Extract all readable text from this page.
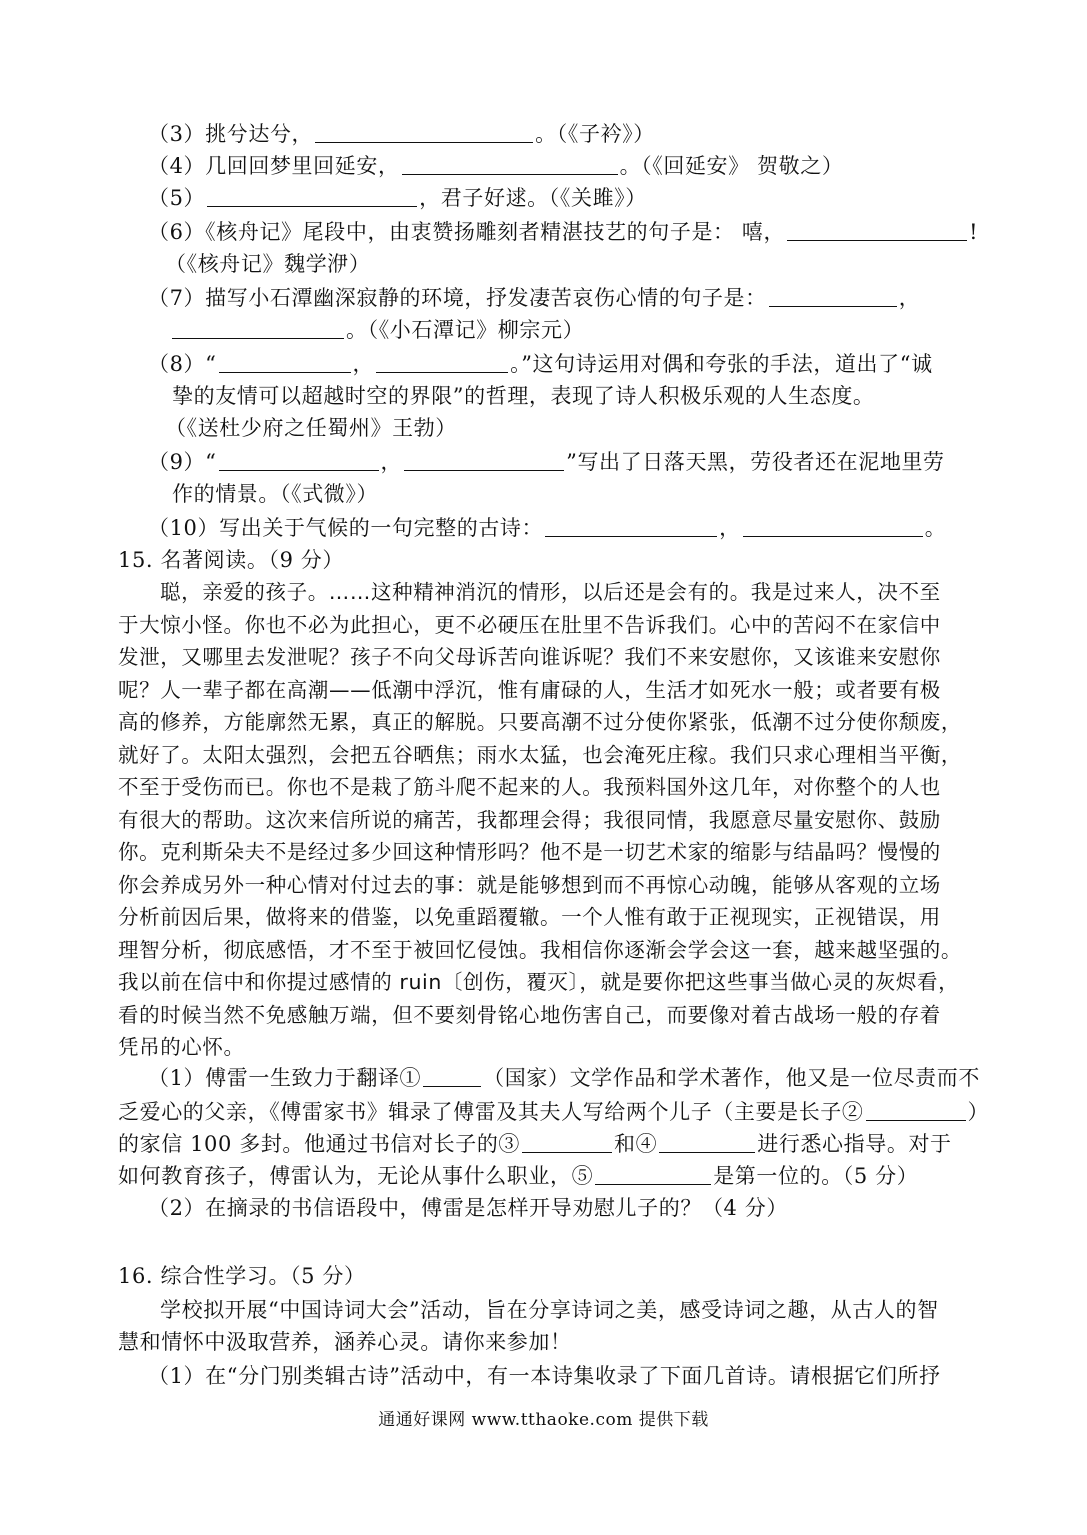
（3）挑兮达兮，	。（《子衿》）
（4）几回回梦里回延安，	。（《回延安》 贺敬之）
（5）	，君子好逑。（《关雎》）
（6）《核舟记》尾段中，由衷赞扬雕刻者精湛技艺的句子是： 嘻，	!
（《核舟记》魏学洢）
（7）描写小石潭幽深寂静的环境，抒发凄苦哀伤心情的句子是：	，
。（《小石潭记》柳宗元）
（8）“	，	。”这句诗运用对偶和夸张的手法，道出了“诚
挚的友情可以超越时空的界限”的哲理，表现了诗人积极乐观的人生态度。
（《送杜少府之任蜀州》王勃）
（9）“	，	”写出了日落天黑，劳役者还在泥地里劳
作的情景。（《式微》）
（10）写出关于气候的一句完整的古诗：	，	。
15. 名著阅读。（9 分）
聪，亲爱的孩子。……这种精神消沉的情形，以后还是会有的。我是过来人，决不至
于大惊小怪。你也不必为此担心，更不必硬压在肚里不告诉我们。心中的苦闷不在家信中
发泄，又哪里去发泄呢？孩子不向父母诉苦向谁诉呢？我们不来安慰你，又该谁来安慰你
呢？人一辈子都在高潮——低潮中浮沉，惟有庸碌的人，生活才如死水一般；或者要有极
高的修养，方能廓然无累，真正的解脱。只要高潮不过分使你紧张，低潮不过分使你颓废，
就好了。太阳太强烈，会把五谷晒焦；雨水太猛，也会淹死庄稼。我们只求心理相当平衡，
不至于受伤而已。你也不是栽了筋斗爬不起来的人。我预料国外这几年，对你整个的人也
有很大的帮助。这次来信所说的痛苦，我都理会得；我很同情，我愿意尽量安慰你、鼓励
你。克利斯朵夫不是经过多少回这种情形吗？他不是一切艺术家的缩影与结晶吗？慢慢的
你会养成另外一种心情对付过去的事：就是能够想到而不再惊心动魄，能够从客观的立场
分析前因后果，做将来的借鉴，以免重蹈覆辙。一个人惟有敢于正视现实，正视错误，用
理智分析，彻底感悟，才不至于被回忆侵蚀。我相信你逐渐会学会这一套，越来越坚强的。
我以前在信中和你提过感情的 ruin〔创伤，覆灭〕，就是要你把这些事当做心灵的灰烬看，
看的时候当然不免感触万端，但不要刻骨铭心地伤害自己，而要像对着古战场一般的存着
凭吊的心怀。
（1）傅雷一生致力于翻译①	（国家）文学作品和学术著作，他又是一位尽责而不
乏爱心的父亲，《傅雷家书》辑录了傅雷及其夫人写给两个儿子（主要是长子②	）
的家信 100 多封。他通过书信对长子的③	和④	进行悉心指导。对于
如何教育孩子，傅雷认为，无论从事什么职业，⑤	是第一位的。（5 分）
（2）在摘录的书信语段中，傅雷是怎样开导劝慰儿子的？（4 分）
16. 综合性学习。（5 分）
学校拟开展“中国诗词大会”活动，旨在分享诗词之美，感受诗词之趣，从古人的智
慧和情怀中汲取营养，涵养心灵。请你来参加！
（1）在“分门别类辑古诗”活动中，有一本诗集收录了下面几首诗。请根据它们所抒
通通好课网 www.tthaoke.com 提供下载
